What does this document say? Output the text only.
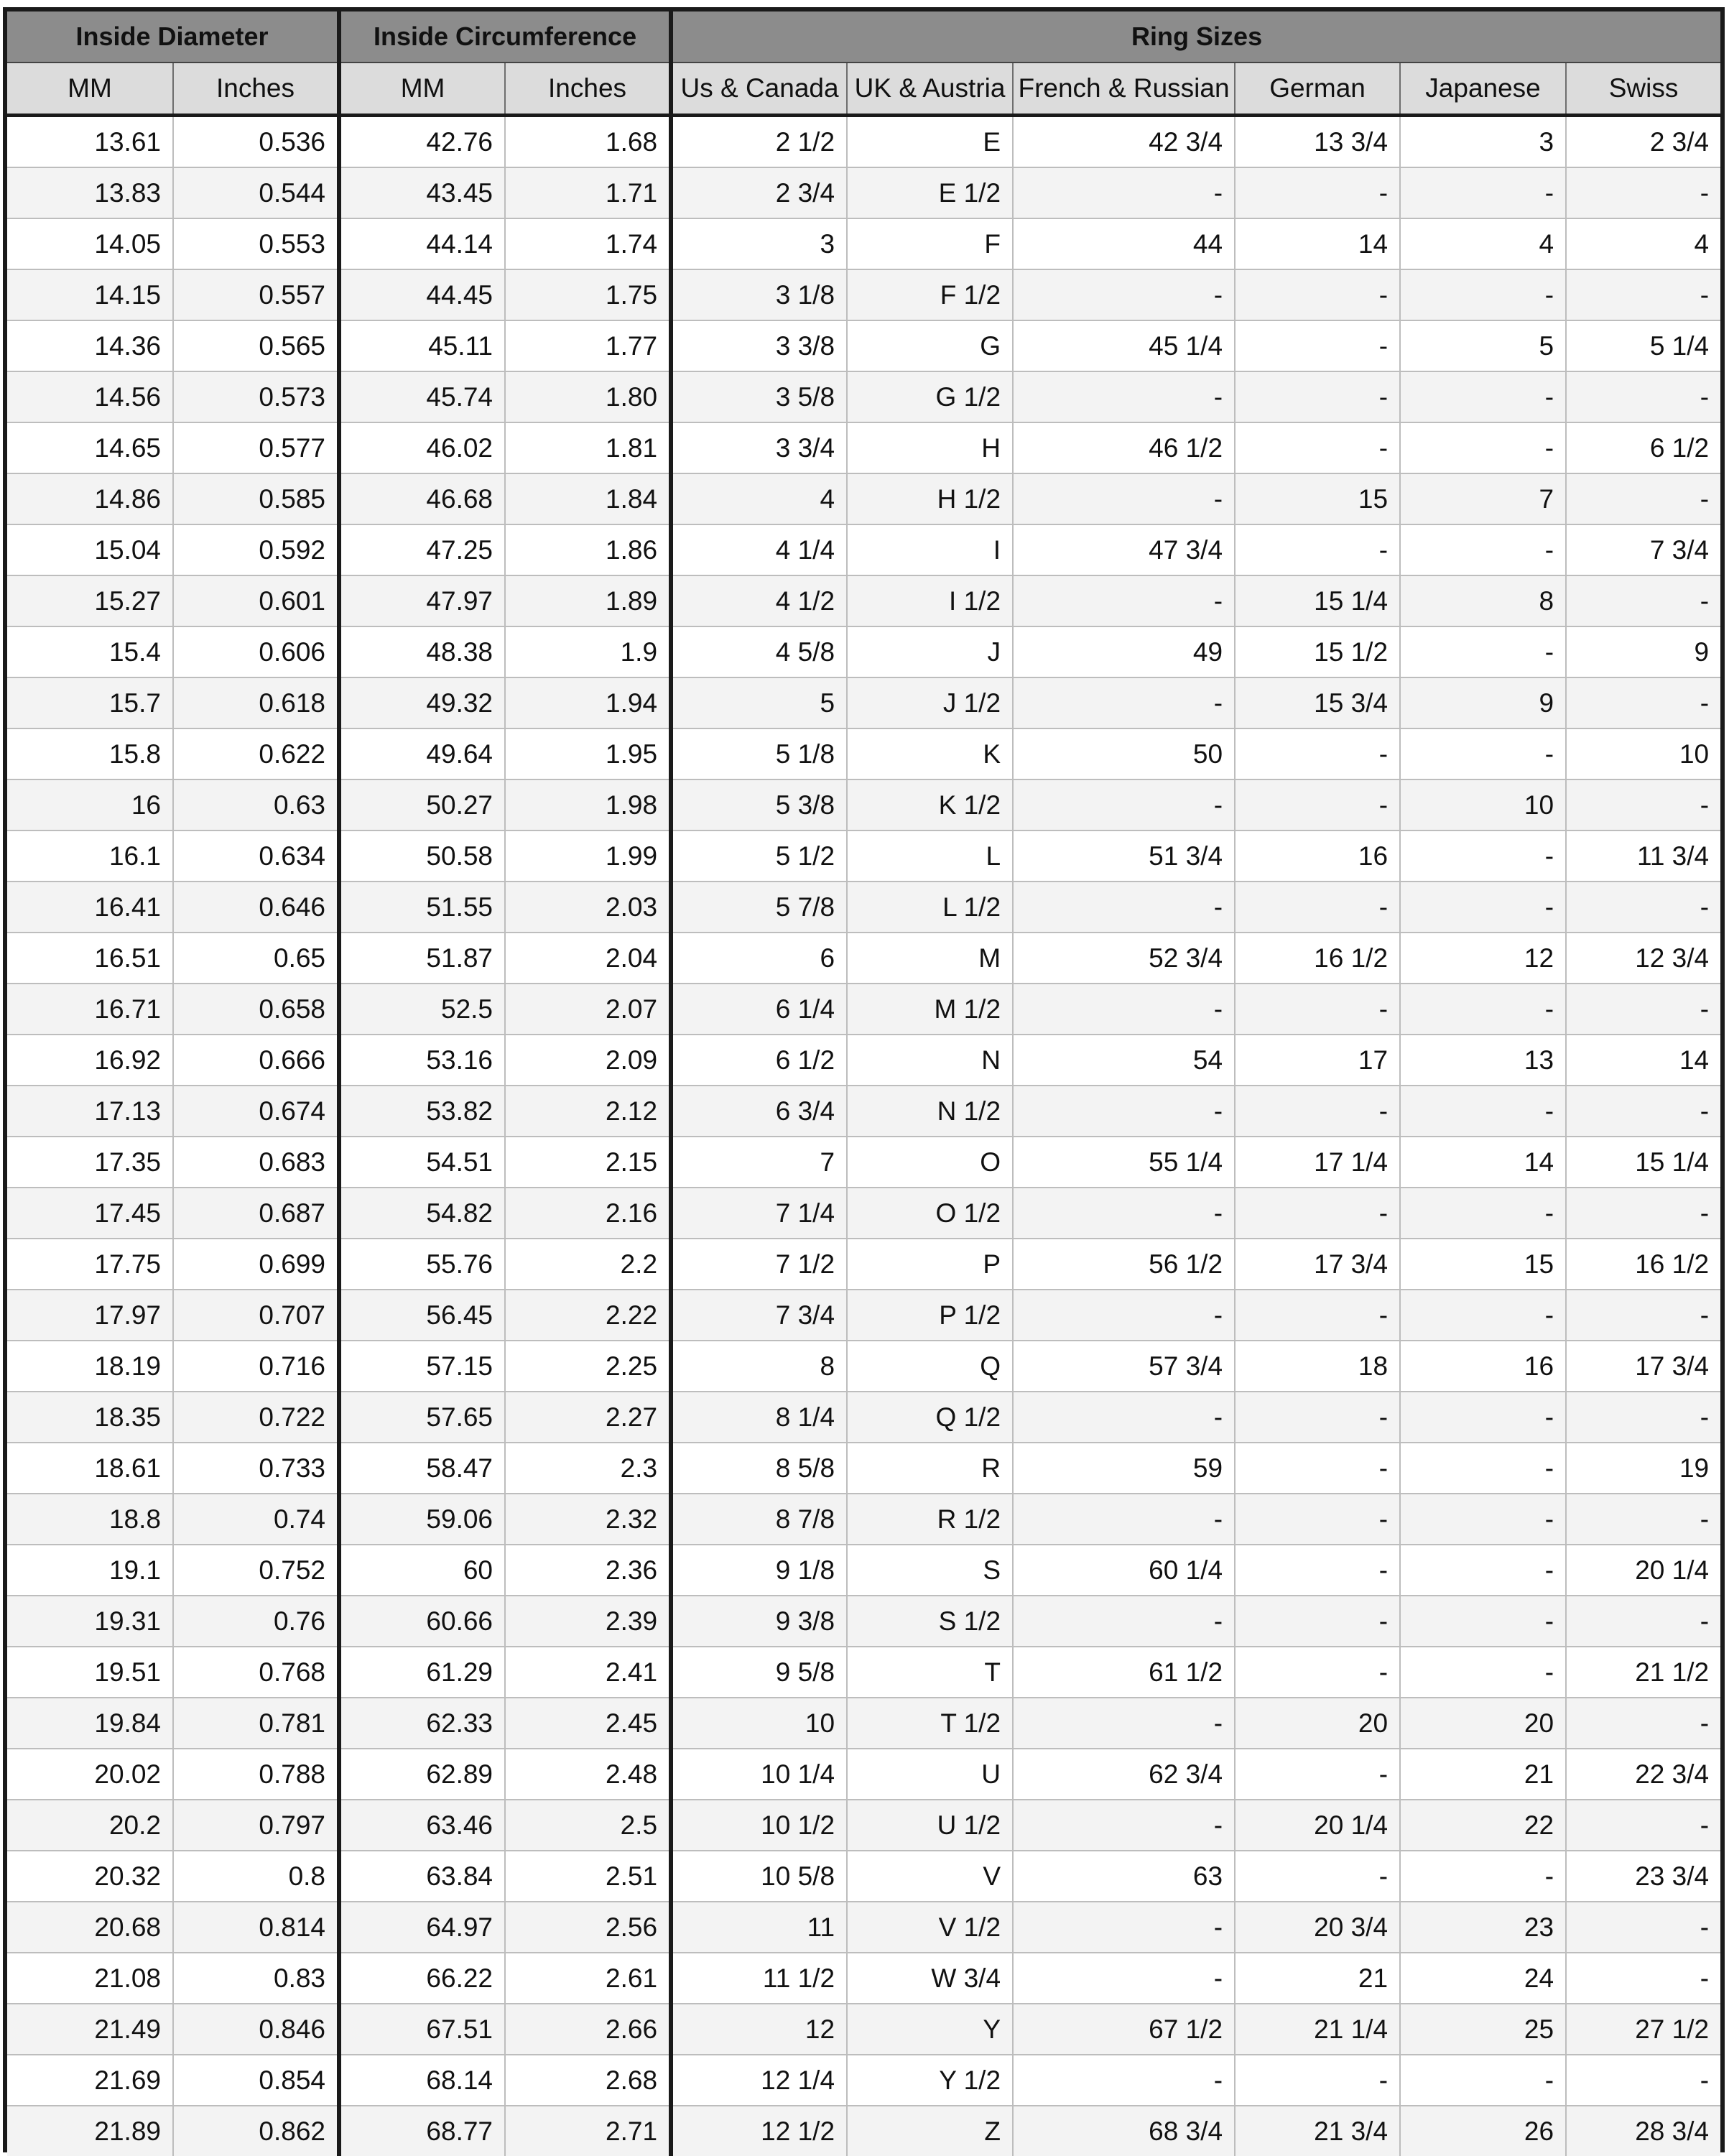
Inside Diameter		Inside Circumference		Ring Sizes					
MM	Inches	MM	Inches	Us & Canada	UK & Austria	French & Russian	German	Japanese	Swiss
13.61	0.536	42.76	1.68	2 1/2	E	42 3/4	13 3/4	3	2 3/4
13.83	0.544	43.45	1.71	2 3/4	E 1/2	-	-	-	-
14.05	0.553	44.14	1.74	3	F	44	14	4	4
14.15	0.557	44.45	1.75	3 1/8	F 1/2	-	-	-	-
14.36	0.565	45.11	1.77	3 3/8	G	45 1/4	-	5	5 1/4
14.56	0.573	45.74	1.80	3 5/8	G 1/2	-	-	-	-
14.65	0.577	46.02	1.81	3 3/4	H	46 1/2	-	-	6 1/2
14.86	0.585	46.68	1.84	4	H 1/2	-	15	7	-
15.04	0.592	47.25	1.86	4 1/4	I	47 3/4	-	-	7 3/4
15.27	0.601	47.97	1.89	4 1/2	I 1/2	-	15 1/4	8	-
15.4	0.606	48.38	1.9	4 5/8	J	49	15 1/2	-	9
15.7	0.618	49.32	1.94	5	J 1/2	-	15 3/4	9	-
15.8	0.622	49.64	1.95	5 1/8	K	50	-	-	10
16	0.63	50.27	1.98	5 3/8	K 1/2	-	-	10	-
16.1	0.634	50.58	1.99	5 1/2	L	51 3/4	16	-	11 3/4
16.41	0.646	51.55	2.03	5 7/8	L 1/2	-	-	-	-
16.51	0.65	51.87	2.04	6	M	52 3/4	16 1/2	12	12 3/4
16.71	0.658	52.5	2.07	6 1/4	M 1/2	-	-	-	-
16.92	0.666	53.16	2.09	6 1/2	N	54	17	13	14
17.13	0.674	53.82	2.12	6 3/4	N 1/2	-	-	-	-
17.35	0.683	54.51	2.15	7	O	55 1/4	17 1/4	14	15 1/4
17.45	0.687	54.82	2.16	7 1/4	O 1/2	-	-	-	-
17.75	0.699	55.76	2.2	7 1/2	P	56 1/2	17 3/4	15	16 1/2
17.97	0.707	56.45	2.22	7 3/4	P 1/2	-	-	-	-
18.19	0.716	57.15	2.25	8	Q	57 3/4	18	16	17 3/4
18.35	0.722	57.65	2.27	8 1/4	Q 1/2	-	-	-	-
18.61	0.733	58.47	2.3	8 5/8	R	59	-	-	19
18.8	0.74	59.06	2.32	8 7/8	R 1/2	-	-	-	-
19.1	0.752	60	2.36	9 1/8	S	60 1/4	-	-	20 1/4
19.31	0.76	60.66	2.39	9 3/8	S 1/2	-	-	-	-
19.51	0.768	61.29	2.41	9 5/8	T	61 1/2	-	-	21 1/2
19.84	0.781	62.33	2.45	10	T 1/2	-	20	20	-
20.02	0.788	62.89	2.48	10 1/4	U	62 3/4	-	21	22 3/4
20.2	0.797	63.46	2.5	10 1/2	U 1/2	-	20 1/4	22	-
20.32	0.8	63.84	2.51	10 5/8	V	63	-	-	23 3/4
20.68	0.814	64.97	2.56	11	V 1/2	-	20 3/4	23	-
21.08	0.83	66.22	2.61	11 1/2	W 3/4	-	21	24	-
21.49	0.846	67.51	2.66	12	Y	67 1/2	21 1/4	25	27 1/2
21.69	0.854	68.14	2.68	12 1/4	Y 1/2	-	-	-	-
21.89	0.862	68.77	2.71	12 1/2	Z	68 3/4	21 3/4	26	28 3/4
